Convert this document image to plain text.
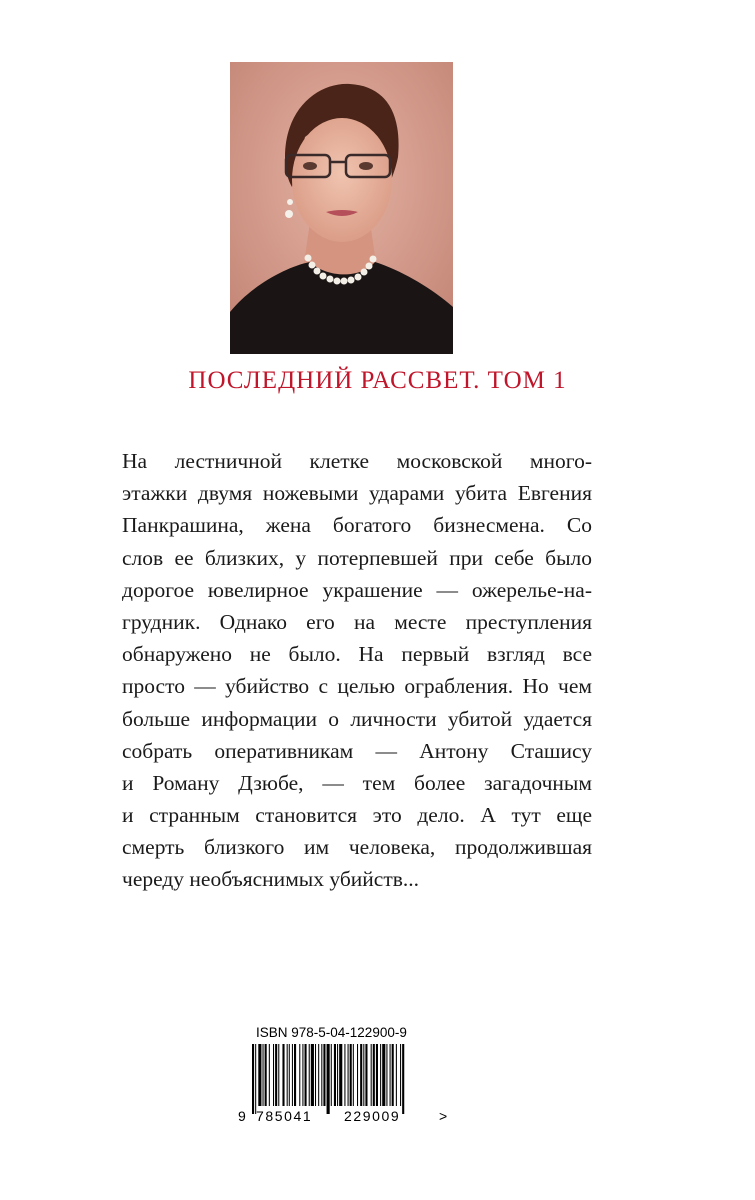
ПОСЛЕДНИЙ РАССВЕТ. ТОМ 1
На лестничной клетке московской много-
этажки двумя ножевыми ударами убита Евгения
Панкрашина, жена богатого бизнесмена. Со
слов ее близких, у потерпевшей при себе было
дорогое ювелирное украшение — ожерелье-на-
грудник. Однако его на месте преступления
обнаружено не было. На первый взгляд все
просто — убийство с целью ограбления. Но чем
больше информации о личности убитой удается
собрать оперативникам — Антону Сташису
и Роману Дзюбе, — тем более загадочным
и странным становится это дело. А тут еще
смерть близкого им человека, продолжившая
череду необъяснимых убийств...
ISBN 978-5-04-122900-9
9 785041 229009	>
